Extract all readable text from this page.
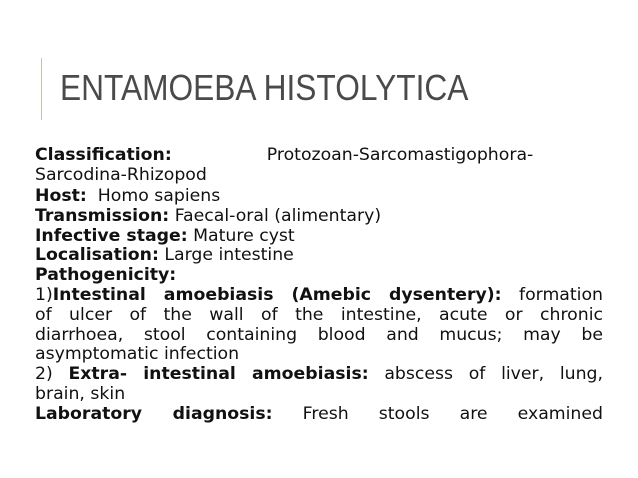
ENTAMOEBA HISTOLYTICA
Classification:	Protozoan-Sarcomastigophora-
Sarcodina-Rhizopod
Host: Homo sapiens
Transmission: Faecal-oral (alimentary)
Infective stage: Mature cyst
Localisation: Large intestine
Pathogenicity:
1)Intestinal amoebiasis (Amebic dysentery): formation
of ulcer of the wall of the intestine, acute or chronic
diarrhoea, stool containing blood and mucus; may be
asymptomatic infection
2) Extra- intestinal amoebiasis: abscess of liver, lung,
brain, skin
Laboratory diagnosis: Fresh stools are examined
